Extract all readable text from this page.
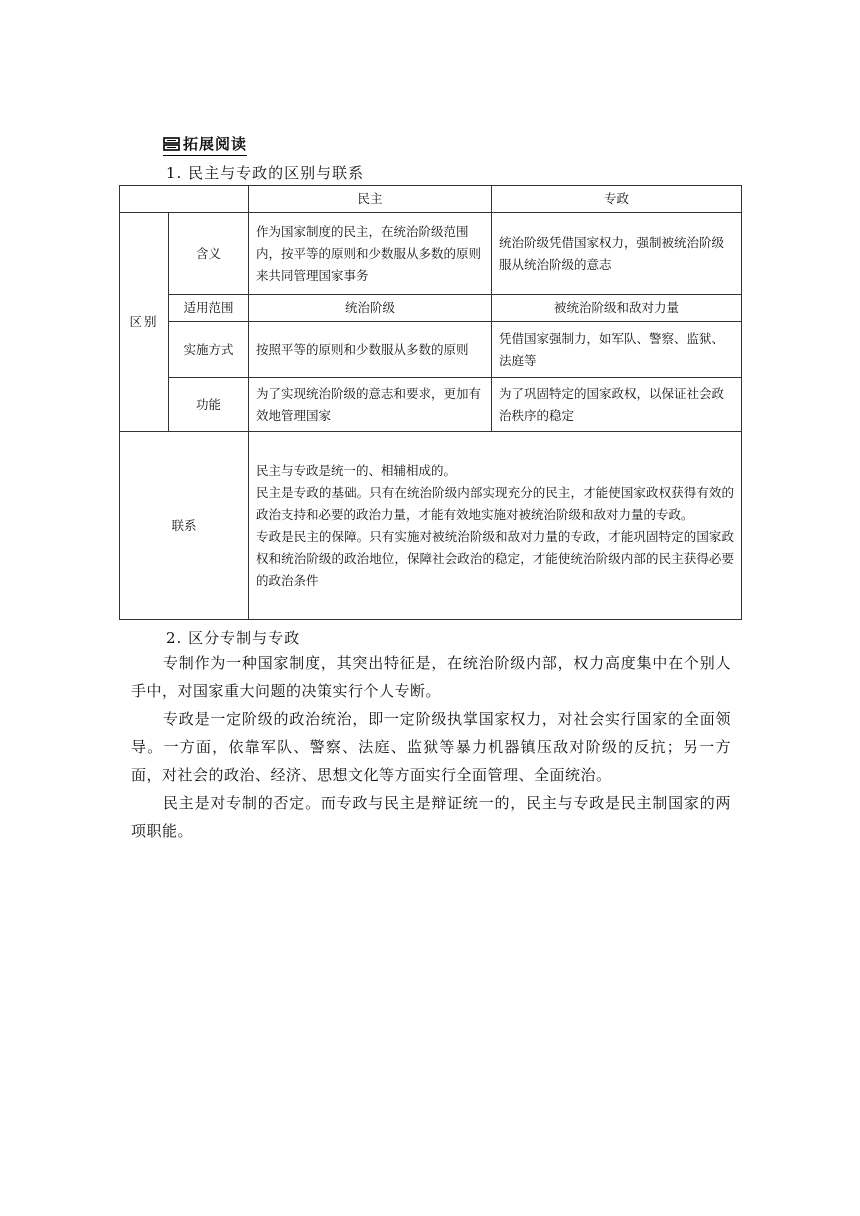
拓展阅读
1. 民主与专政的区别与联系
		民主	专政
区别	含义	作为国家制度的民主，在统治阶级范围内，按平等的原则和少数服从多数的原则来共同管理国家事务	统治阶级凭借国家权力，强制被统治阶级服从统治阶级的意志
	适用范围	统治阶级	被统治阶级和敌对力量
	实施方式	按照平等的原则和少数服从多数的原则	凭借国家强制力，如军队、警察、监狱、法庭等
	功能	为了实现统治阶级的意志和要求，更加有效地管理国家	为了巩固特定的国家政权，以保证社会政治秩序的稳定
联系		民主与专政是统一的、相辅相成的。

民主是专政的基础。只有在统治阶级内部实现充分的民主，才能使国家政权获得有效的政治支持和必要的政治力量，才能有效地实施对被统治阶级和敌对力量的专政。

专政是民主的保障。只有实施对被统治阶级和敌对力量的专政，才能巩固特定的国家政权和统治阶级的政治地位，保障社会政治的稳定，才能使统治阶级内部的民主获得必要的政治条件	

2. 区分专制与专政

专制作为一种国家制度，其突出特征是，在统治阶级内部，权力高度集中在个别人手中，对国家重大问题的决策实行个人专断。

专政是一定阶级的政治统治，即一定阶级执掌国家权力，对社会实行国家的全面领导。一方面，依靠军队、警察、法庭、监狱等暴力机器镇压敌对阶级的反抗；另一方面，对社会的政治、经济、思想文化等方面实行全面管理、全面统治。

民主是对专制的否定。而专政与民主是辩证统一的，民主与专政是民主制国家的两项职能。
